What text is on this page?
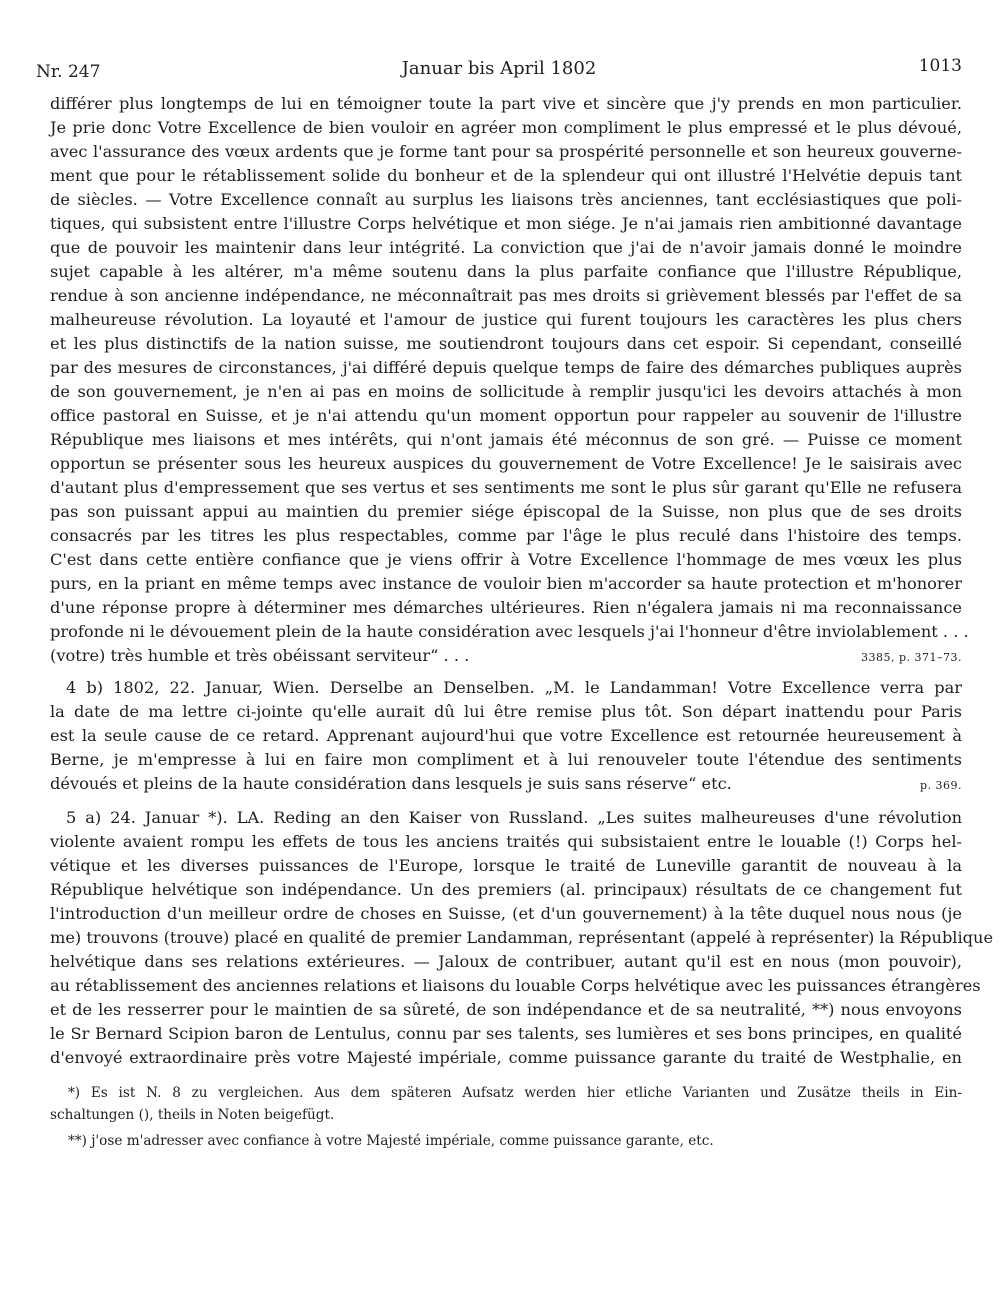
Nr. 247	Januar bis April 1802	1013
différer plus longtemps de lui en témoigner toute la part vive et sincère que j'y prends en mon particulier.
Je prie donc Votre Excellence de bien vouloir en agréer mon compliment le plus empressé et le plus dévoué,
avec l'assurance des vœux ardents que je forme tant pour sa prospérité personnelle et son heureux gouverne-
ment que pour le rétablissement solide du bonheur et de la splendeur qui ont illustré l'Helvétie depuis tant
de siècles. — Votre Excellence connaît au surplus les liaisons très anciennes, tant ecclésiastiques que poli-
tiques, qui subsistent entre l'illustre Corps helvétique et mon siége. Je n'ai jamais rien ambitionné davantage
que de pouvoir les maintenir dans leur intégrité. La conviction que j'ai de n'avoir jamais donné le moindre
sujet capable à les altérer, m'a même soutenu dans la plus parfaite confiance que l'illustre République,
rendue à son ancienne indépendance, ne méconnaîtrait pas mes droits si grièvement blessés par l'effet de sa
malheureuse révolution. La loyauté et l'amour de justice qui furent toujours les caractères les plus chers
et les plus distinctifs de la nation suisse, me soutiendront toujours dans cet espoir. Si cependant, conseillé
par des mesures de circonstances, j'ai différé depuis quelque temps de faire des démarches publiques auprès
de son gouvernement, je n'en ai pas en moins de sollicitude à remplir jusqu'ici les devoirs attachés à mon
office pastoral en Suisse, et je n'ai attendu qu'un moment opportun pour rappeler au souvenir de l'illustre
République mes liaisons et mes intérêts, qui n'ont jamais été méconnus de son gré. — Puisse ce moment
opportun se présenter sous les heureux auspices du gouvernement de Votre Excellence! Je le saisirais avec
d'autant plus d'empressement que ses vertus et ses sentiments me sont le plus sûr garant qu'Elle ne refusera
pas son puissant appui au maintien du premier siége épiscopal de la Suisse, non plus que de ses droits
consacrés par les titres les plus respectables, comme par l'âge le plus reculé dans l'histoire des temps.
C'est dans cette entière confiance que je viens offrir à Votre Excellence l'hommage de mes vœux les plus
purs, en la priant en même temps avec instance de vouloir bien m'accorder sa haute protection et m'honorer
d'une réponse propre à déterminer mes démarches ultérieures. Rien n'égalera jamais ni ma reconnaissance
profonde ni le dévouement plein de la haute considération avec lesquels j'ai l'honneur d'être inviolablement . . .
(votre) très humble et très obéissant serviteur“ . . .	3385, p. 371–73.
4 b) 1802, 22. Januar, Wien. Derselbe an Denselben. „M. le Landamman! Votre Excellence verra par
la date de ma lettre ci-jointe qu'elle aurait dû lui être remise plus tôt. Son départ inattendu pour Paris
est la seule cause de ce retard. Apprenant aujourd'hui que votre Excellence est retournée heureusement à
Berne, je m'empresse à lui en faire mon compliment et à lui renouveler toute l'étendue des sentiments
dévoués et pleins de la haute considération dans lesquels je suis sans réserve“ etc.	p. 369.
5 a) 24. Januar *). LA. Reding an den Kaiser von Russland. „Les suites malheureuses d'une révolution
violente avaient rompu les effets de tous les anciens traités qui subsistaient entre le louable (!) Corps hel-
vétique et les diverses puissances de l'Europe, lorsque le traité de Luneville garantit de nouveau à la
République helvétique son indépendance. Un des premiers (al. principaux) résultats de ce changement fut
l'introduction d'un meilleur ordre de choses en Suisse, (et d'un gouvernement) à la tête duquel nous nous (je
me) trouvons (trouve) placé en qualité de premier Landamman, représentant (appelé à représenter) la République
helvétique dans ses relations extérieures. — Jaloux de contribuer, autant qu'il est en nous (mon pouvoir),
au rétablissement des anciennes relations et liaisons du louable Corps helvétique avec les puissances étrangères
et de les resserrer pour le maintien de sa sûreté, de son indépendance et de sa neutralité, **) nous envoyons
le Sr Bernard Scipion baron de Lentulus, connu par ses talents, ses lumières et ses bons principes, en qualité
d'envoyé extraordinaire près votre Majesté impériale, comme puissance garante du traité de Westphalie, en
*) Es ist N. 8 zu vergleichen. Aus dem späteren Aufsatz werden hier etliche Varianten und Zusätze theils in Ein-
schaltungen (), theils in Noten beigefügt.
**) j'ose m'adresser avec confiance à votre Majesté impériale, comme puissance garante, etc.
